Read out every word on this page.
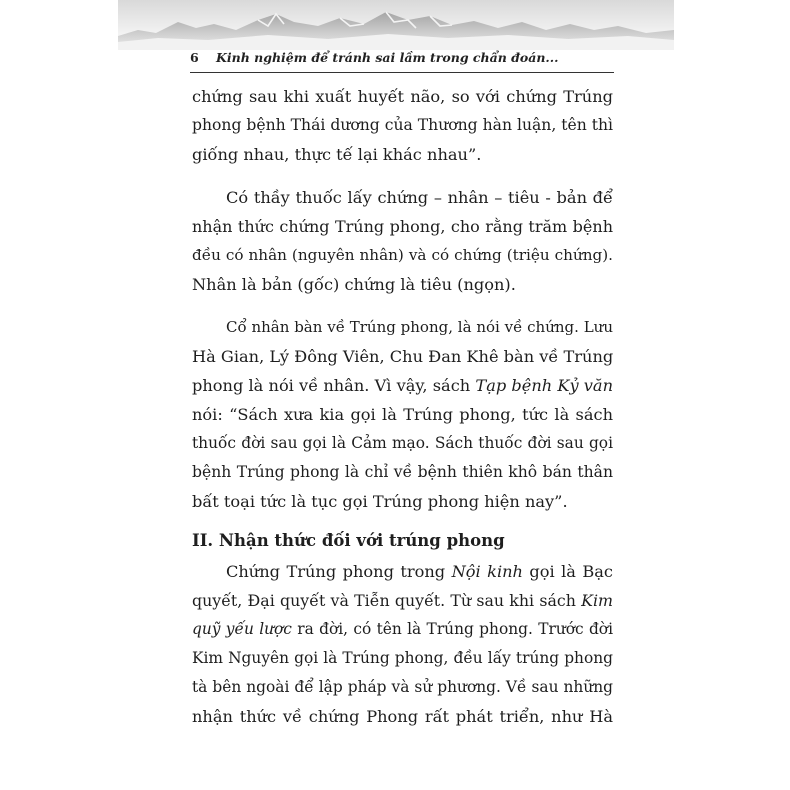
6 Kinh nghiệm để tránh sai lầm trong chẩn đoán...
chứng sau khi xuất huyết não, so với chứng Trúng
phong bệnh Thái dương của Thương hàn luận, tên thì
giống nhau, thực tế lại khác nhau”.
Có thầy thuốc lấy chứng – nhân – tiêu - bản để
nhận thức chứng Trúng phong, cho rằng trăm bệnh
đều có nhân (nguyên nhân) và có chứng (triệu chứng).
Nhân là bản (gốc) chứng là tiêu (ngọn).
Cổ nhân bàn về Trúng phong, là nói về chứng. Lưu
Hà Gian, Lý Đông Viên, Chu Đan Khê bàn về Trúng
phong là nói về nhân. Vì vậy, sách Tạp bệnh Kỷ văn
nói: “Sách xưa kia gọi là Trúng phong, tức là sách
thuốc đời sau gọi là Cảm mạo. Sách thuốc đời sau gọi
bệnh Trúng phong là chỉ về bệnh thiên khô bán thân
bất toại tức là tục gọi Trúng phong hiện nay”.
II. Nhận thức đối với trúng phong
Chứng Trúng phong trong Nội kinh gọi là Bạc
quyết, Đại quyết và Tiễn quyết. Từ sau khi sách Kim
quỹ yếu lược ra đời, có tên là Trúng phong. Trước đời
Kim Nguyên gọi là Trúng phong, đều lấy trúng phong
tà bên ngoài để lập pháp và sử phương. Về sau những
nhận thức về chứng Phong rất phát triển, như Hà
